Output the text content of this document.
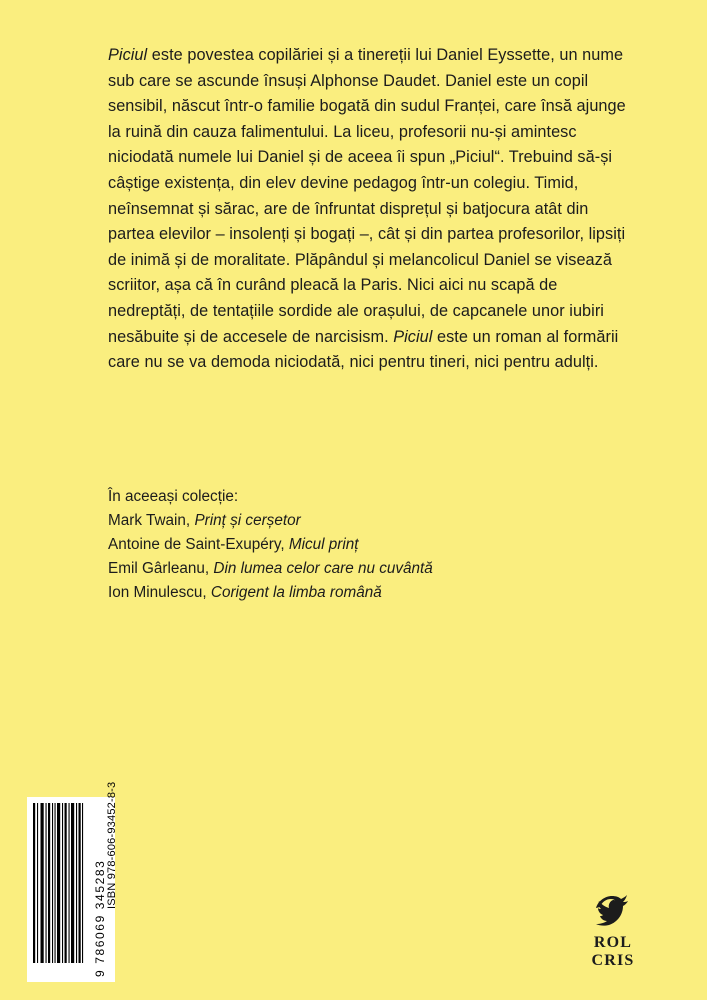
Piciul este povestea copilăriei și a tinereții lui Daniel Eyssette, un nume sub care se ascunde însuși Alphonse Daudet. Daniel este un copil sensibil, născut într-o familie bogată din sudul Franței, care însă ajunge la ruină din cauza falimentului. La liceu, profesorii nu-și amintesc niciodată numele lui Daniel și de aceea îi spun „Piciul“. Trebuind să-și câștige existența, din elev devine pedagog într-un colegiu. Timid, neînsemnat și sărac, are de înfruntat disprețul și batjocura atât din partea elevilor – insolenți și bogați –, cât și din partea profesorilor, lipsiți de inimă și de moralitate. Plăpândul și melancolicul Daniel se visează scriitor, așa că în curând pleacă la Paris. Nici aici nu scapă de nedreptăți, de tentațiile sordide ale orașului, de capcanele unor iubiri nesăbuite și de accesele de narcisism. Piciul este un roman al formării care nu se va demoda niciodată, nici pentru tineri, nici pentru adulți.

În aceeași colecție:

Mark Twain, Prinț și cerșetor
Antoine de Saint-Exupéry, Micul prinț
Emil Gârleanu, Din lumea celor care nu cuvântă
Ion Minulescu, Corigent la limba română
ISBN 978-606-93452-8-3
9 786069 345283	ROL
CRIS
